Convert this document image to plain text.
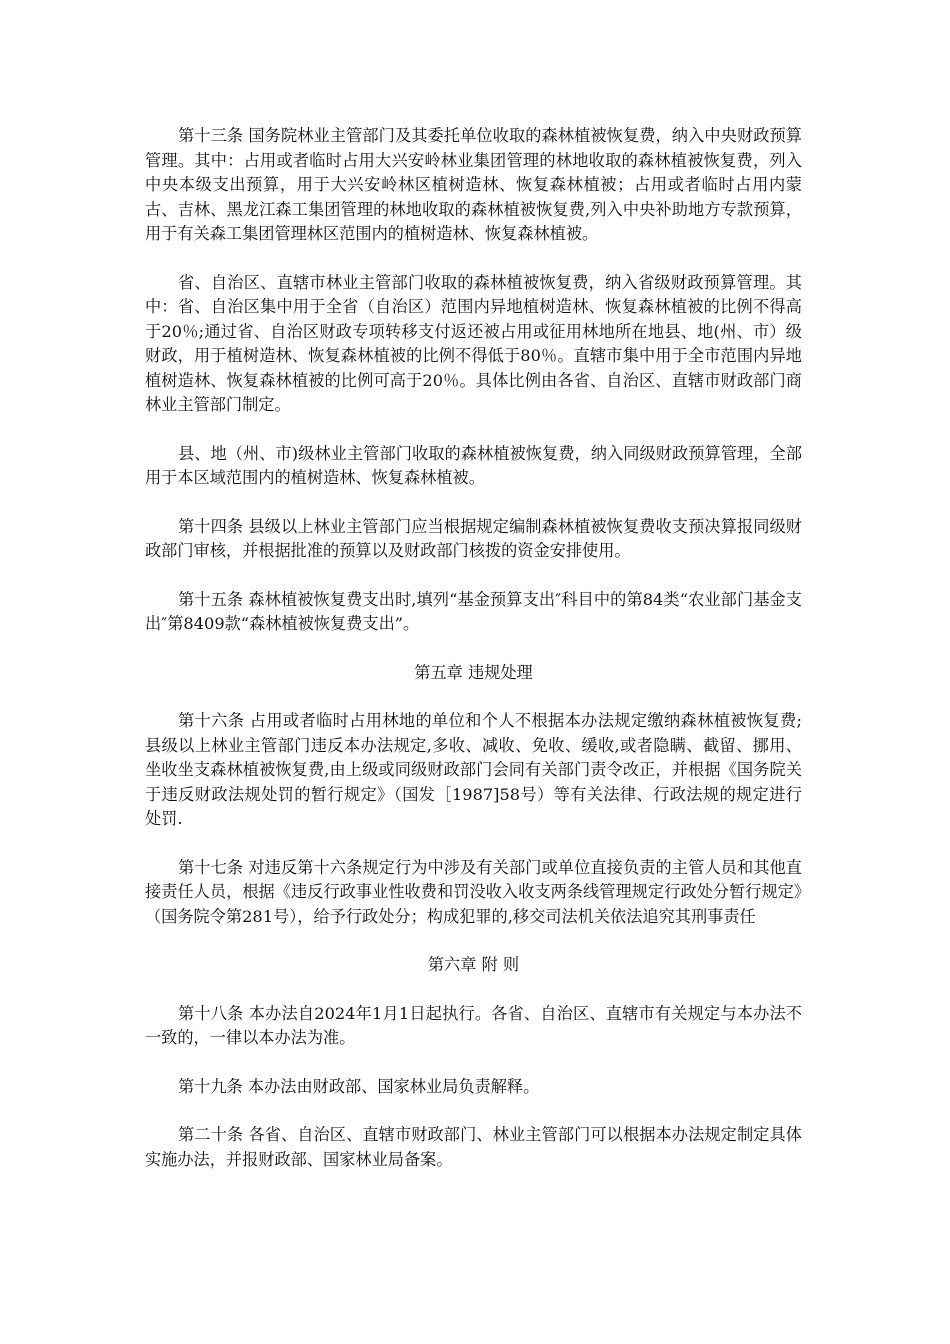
第十三条 国务院林业主管部门及其委托单位收取的森林植被恢复费，纳入中央财政预算管理。其中：占用或者临时占用大兴安岭林业集团管理的林地收取的森林植被恢复费，列入中央本级支出预算，用于大兴安岭林区植树造林、恢复森林植被；占用或者临时占用内蒙古、吉林、黑龙江森工集团管理的林地收取的森林植被恢复费,列入中央补助地方专款预算，用于有关森工集团管理林区范围内的植树造林、恢复森林植被。

省、自治区、直辖市林业主管部门收取的森林植被恢复费，纳入省级财政预算管理。其中：省、自治区集中用于全省（自治区）范围内异地植树造林、恢复森林植被的比例不得高于20％;通过省、自治区财政专项转移支付返还被占用或征用林地所在地县、地(州、市）级财政，用于植树造林、恢复森林植被的比例不得低于80％。直辖市集中用于全市范围内异地植树造林、恢复森林植被的比例可高于20％。具体比例由各省、自治区、直辖市财政部门商林业主管部门制定。

县、地（州、市)级林业主管部门收取的森林植被恢复费，纳入同级财政预算管理，全部用于本区域范围内的植树造林、恢复森林植被。

第十四条 县级以上林业主管部门应当根据规定编制森林植被恢复费收支预决算报同级财政部门审核，并根据批准的预算以及财政部门核拨的资金安排使用。

第十五条 森林植被恢复费支出时,填列“基金预算支出″科目中的第84类“农业部门基金支出″第8409款“森林植被恢复费支出”。

第五章 违规处理

第十六条 占用或者临时占用林地的单位和个人不根据本办法规定缴纳森林植被恢复费;县级以上林业主管部门违反本办法规定,多收、减收、免收、缓收,或者隐瞒、截留、挪用、坐收坐支森林植被恢复费,由上级或同级财政部门会同有关部门责令改正，并根据《国务院关于违反财政法规处罚的暂行规定》（国发［1987]58号）等有关法律、行政法规的规定进行处罚.

第十七条 对违反第十六条规定行为中涉及有关部门或单位直接负责的主管人员和其他直接责任人员，根据《违反行政事业性收费和罚没收入收支两条线管理规定行政处分暂行规定》（国务院令第281号），给予行政处分；构成犯罪的,移交司法机关依法追究其刑事责任

第六章 附 则

第十八条 本办法自2024年1月1日起执行。各省、自治区、直辖市有关规定与本办法不一致的，一律以本办法为准。

第十九条 本办法由财政部、国家林业局负责解释。

第二十条 各省、自治区、直辖市财政部门、林业主管部门可以根据本办法规定制定具体实施办法，并报财政部、国家林业局备案。
